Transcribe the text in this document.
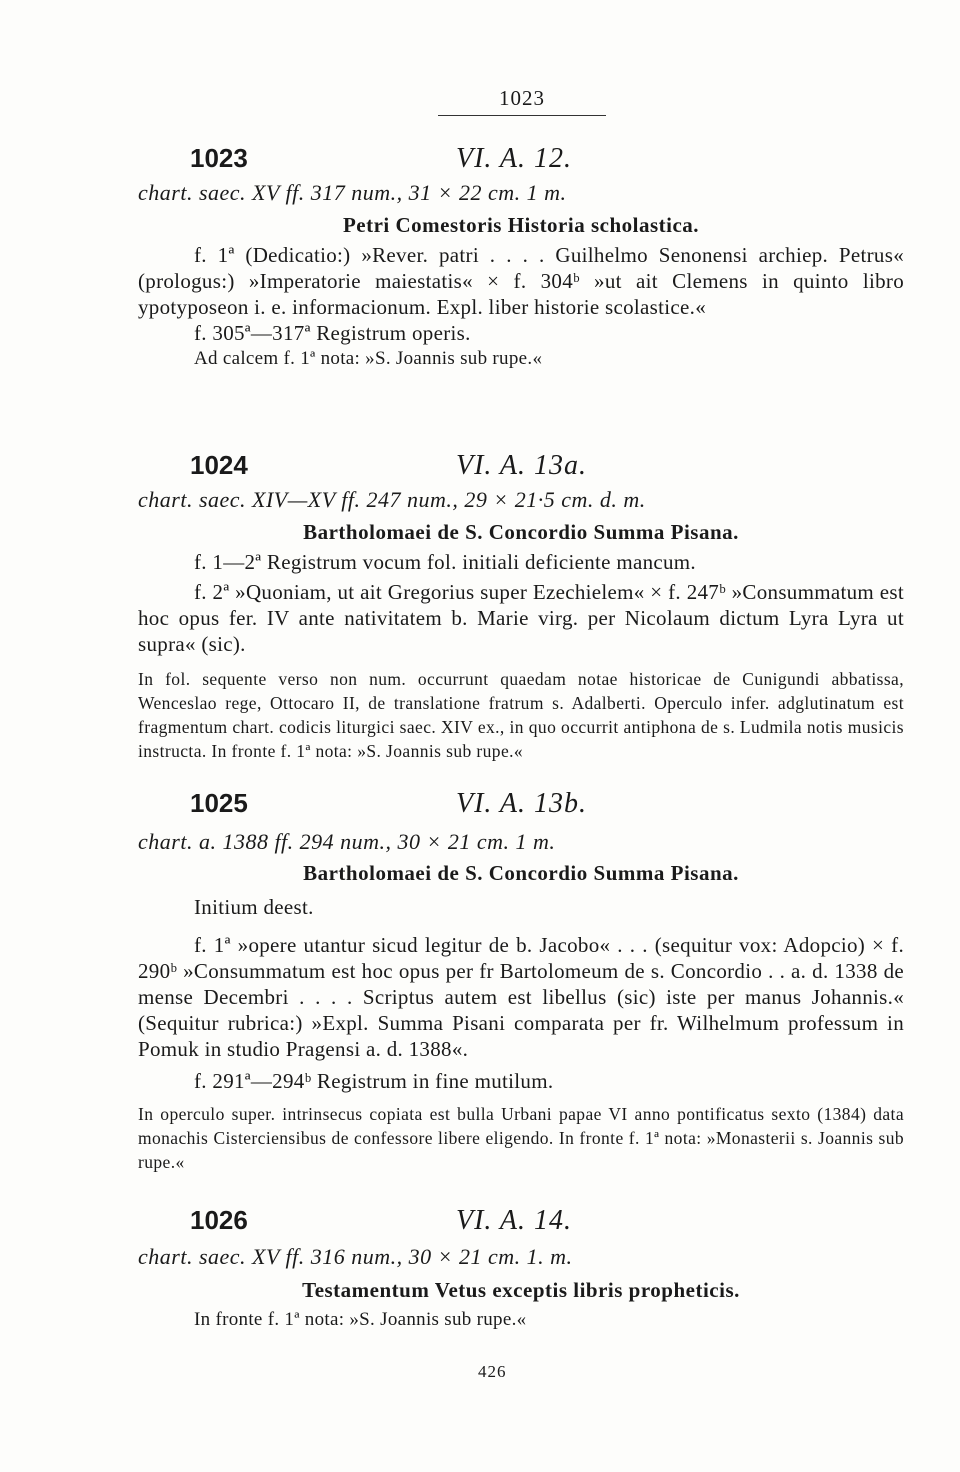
1023
1023	VI. A. 12.
chart. saec. XV ff. 317 num., 31 × 22 cm. 1 m.
Petri Comestoris Historia scholastica.
f. 1ª (Dedicatio:) »Rever. patri . . . . Guilhelmo Senonensi archiep. Petrus« (prologus:) »Imperatorie maiestatis« × f. 304ᵇ »ut ait Clemens in quinto libro ypotyposeon i. e. informacionum. Expl. liber historie scolastice.«
f. 305ª—317ª Registrum operis.
Ad calcem f. 1ª nota: »S. Joannis sub rupe.«
1024	VI. A. 13a.
chart. saec. XIV—XV ff. 247 num., 29 × 21·5 cm. d. m.
Bartholomaei de S. Concordio Summa Pisana.
f. 1—2ª Registrum vocum fol. initiali deficiente mancum.
f. 2ª »Quoniam, ut ait Gregorius super Ezechielem« × f. 247ᵇ »Consummatum est hoc opus fer. IV ante nativitatem b. Marie virg. per Nicolaum dictum Lyra Lyra ut supra« (sic).
In fol. sequente verso non num. occurrunt quaedam notae historicae de Cunigundi abbatissa, Wenceslao rege, Ottocaro II, de translatione fratrum s. Adalberti. Operculo infer. adglutinatum est fragmentum chart. codicis liturgici saec. XIV ex., in quo occurrit antiphona de s. Ludmila notis musicis instructa. In fronte f. 1ª nota: »S. Joannis sub rupe.«
1025	VI. A. 13b.
chart. a. 1388 ff. 294 num., 30 × 21 cm. 1 m.
Bartholomaei de S. Concordio Summa Pisana.
Initium deest.
f. 1ª »opere utantur sicud legitur de b. Jacobo« . . . (sequitur vox: Adopcio) × f. 290ᵇ »Consummatum est hoc opus per fr Bartolomeum de s. Concordio . . a. d. 1338 de mense Decembri . . . . Scriptus autem est libellus (sic) iste per manus Johannis.« (Sequitur rubrica:) »Expl. Summa Pisani comparata per fr. Wilhelmum professum in Pomuk in studio Pragensi a. d. 1388«.
f. 291ª—294ᵇ Registrum in fine mutilum.
In operculo super. intrinsecus copiata est bulla Urbani papae VI anno pontificatus sexto (1384) data monachis Cisterciensibus de confessore libere eligendo. In fronte f. 1ª nota: »Monasterii s. Joannis sub rupe.«
1026	VI. A. 14.
chart. saec. XV ff. 316 num., 30 × 21 cm. 1. m.
Testamentum Vetus exceptis libris propheticis.
In fronte f. 1ª nota: »S. Joannis sub rupe.«
426
